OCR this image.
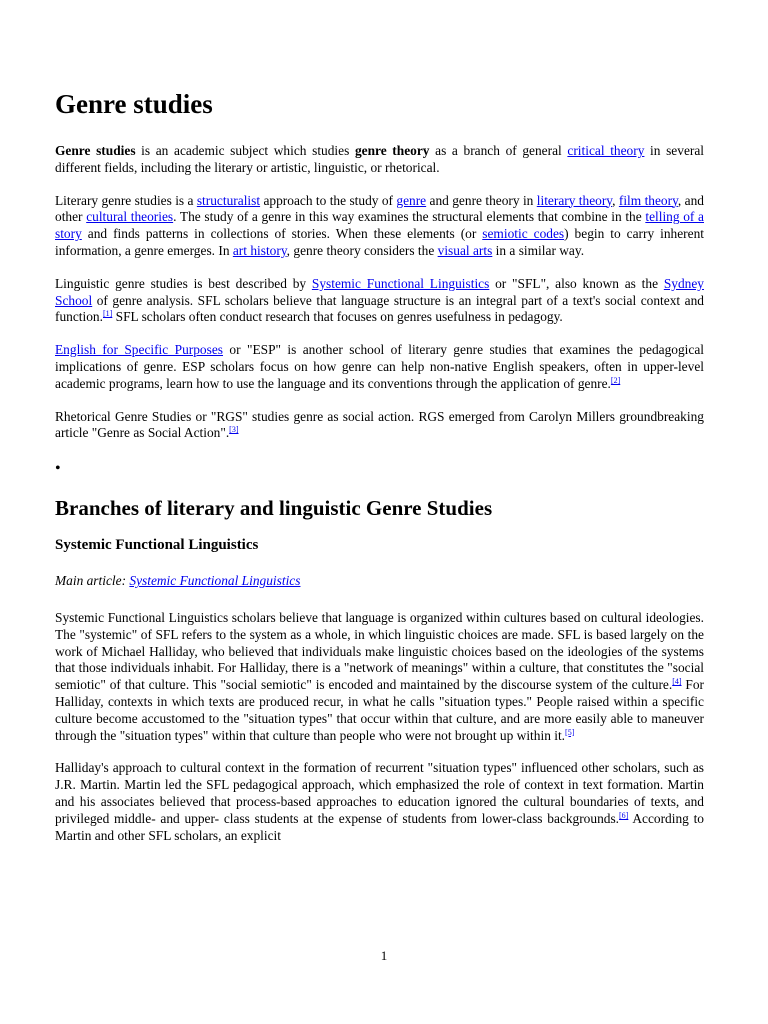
Genre studies

Genre studies is an academic subject which studies genre theory as a branch of general critical theory in several different fields, including the literary or artistic, linguistic, or rhetorical.

Literary genre studies is a structuralist approach to the study of genre and genre theory in literary theory, film theory, and other cultural theories. The study of a genre in this way examines the structural elements that combine in the telling of a story and finds patterns in collections of stories. When these elements (or semiotic codes) begin to carry inherent information, a genre emerges. In art history, genre theory considers the visual arts in a similar way.

Linguistic genre studies is best described by Systemic Functional Linguistics or "SFL", also known as the Sydney School of genre analysis. SFL scholars believe that language structure is an integral part of a text's social context and function.[1] SFL scholars often conduct research that focuses on genres usefulness in pedagogy.

English for Specific Purposes or "ESP" is another school of literary genre studies that examines the pedagogical implications of genre. ESP scholars focus on how genre can help non-native English speakers, often in upper-level academic programs, learn how to use the language and its conventions through the application of genre.[2]

Rhetorical Genre Studies or "RGS" studies genre as social action. RGS emerged from Carolyn Millers groundbreaking article "Genre as Social Action".[3]

•
Branches of literary and linguistic Genre Studies
Systemic Functional Linguistics

Main article: Systemic Functional Linguistics

Systemic Functional Linguistics scholars believe that language is organized within cultures based on cultural ideologies. The "systemic" of SFL refers to the system as a whole, in which linguistic choices are made. SFL is based largely on the work of Michael Halliday, who believed that individuals make linguistic choices based on the ideologies of the systems that those individuals inhabit. For Halliday, there is a "network of meanings" within a culture, that constitutes the "social semiotic" of that culture. This "social semiotic" is encoded and maintained by the discourse system of the culture.[4] For Halliday, contexts in which texts are produced recur, in what he calls "situation types." People raised within a specific culture become accustomed to the "situation types" that occur within that culture, and are more easily able to maneuver through the "situation types" within that culture than people who were not brought up within it.[5]

Halliday's approach to cultural context in the formation of recurrent "situation types" influenced other scholars, such as J.R. Martin. Martin led the SFL pedagogical approach, which emphasized the role of context in text formation. Martin and his associates believed that process-based approaches to education ignored the cultural boundaries of texts, and privileged middle- and upper- class students at the expense of students from lower-class backgrounds.[6] According to Martin and other SFL scholars, an explicit

1
